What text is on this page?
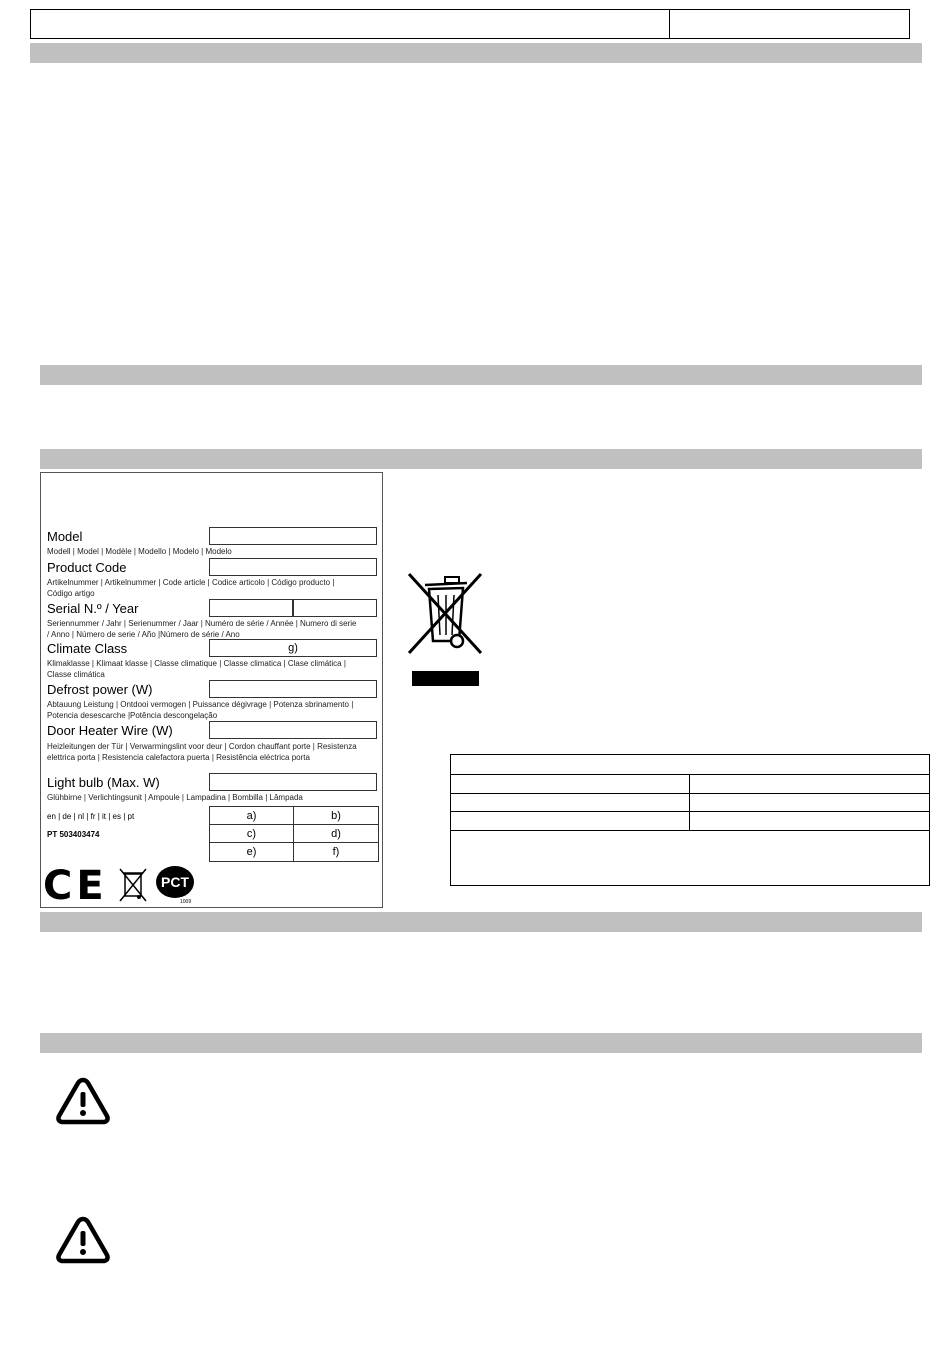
Model
Modell | Model | Modèle | Modello | Modelo | Modelo
Product Code
Artikelnummer | Artikelnummer | Code article | Codice articolo | Código producto | Código artigo
Serial N.º / Year
Seriennummer / Jahr | Serienummer / Jaar | Numéro de série / Année | Numero di serie / Anno | Número de serie / Año |Número de série / Ano
Climate Class	g)
Klimaklasse | Klimaat klasse | Classe climatique | Classe climatica | Clase climática | Classe climática
Defrost power (W)
Abtauung Leistung | Ontdooi vermogen | Puissance dégivrage | Potenza sbrinamento | Potencia desescarche |Potência descongelação
Door Heater Wire (W)
Heizleitungen der Tür | Verwarmingslint voor deur | Cordon chauffant porte | Resistenza elettrica porta | Resistencia calefactora puerta | Resistência eléctrica porta
Light bulb (Max. W)
Glühbirne | Verlichtingsunit | Ampoule | Lampadina | Bombilla | Lâmpada
en | de | nl | fr | it | es | pt
PT 503403474
a)	b)
c)	d)
e)	f)
CE	PCT
1009
